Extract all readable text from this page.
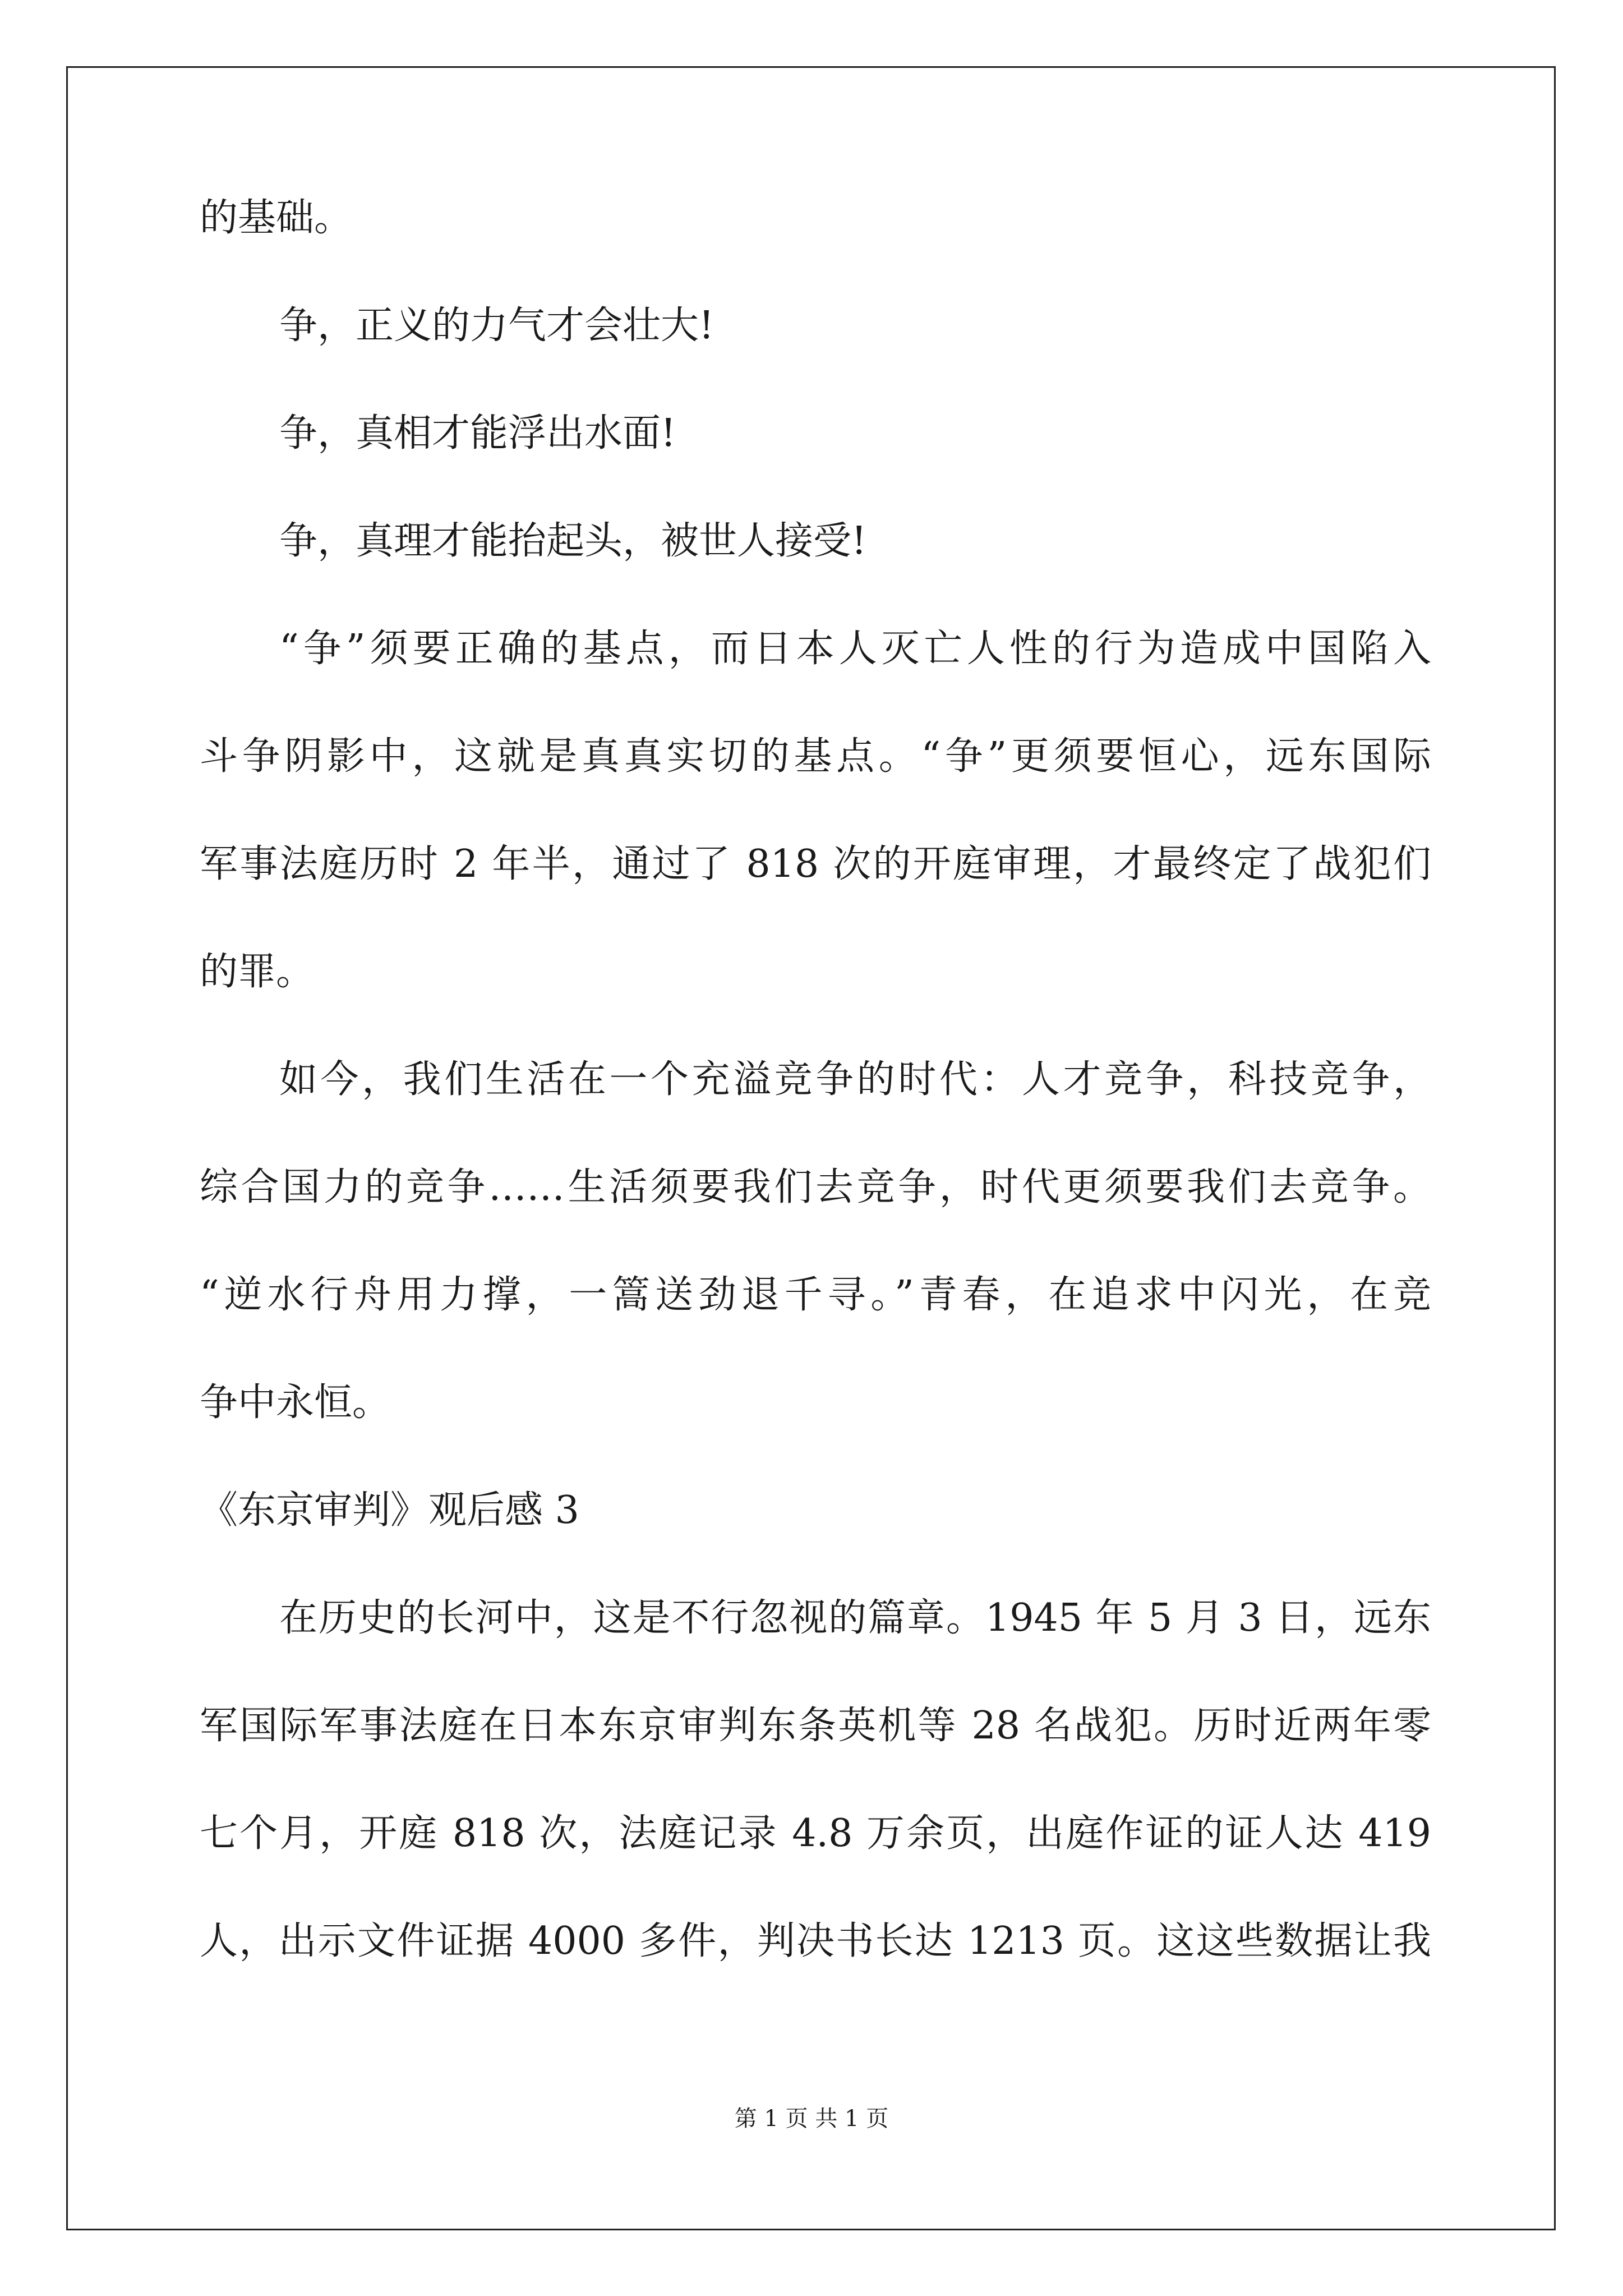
的基础。
争，正义的力气才会壮大!
争，真相才能浮出水面!
争，真理才能抬起头，被世人接受!
“争”须要正确的基点，而日本人灭亡人性的行为造成中国陷入
斗争阴影中，这就是真真实切的基点。“争”更须要恒心，远东国际
军事法庭历时 2 年半，通过了 818 次的开庭审理，才最终定了战犯们
的罪。
如今，我们生活在一个充溢竞争的时代：人才竞争，科技竞争，
综合国力的竞争……生活须要我们去竞争，时代更须要我们去竞争。
“逆水行舟用力撑，一篙送劲退千寻。”青春，在追求中闪光，在竞
争中永恒。
《东京审判》观后感 3
在历史的长河中，这是不行忽视的篇章。1945 年 5 月 3 日，远东
军国际军事法庭在日本东京审判东条英机等 28 名战犯。历时近两年零
七个月，开庭 818 次，法庭记录 4.8 万余页，出庭作证的证人达 419
人，出示文件证据 4000 多件，判决书长达 1213 页。这这些数据让我
第 1 页 共 1 页
